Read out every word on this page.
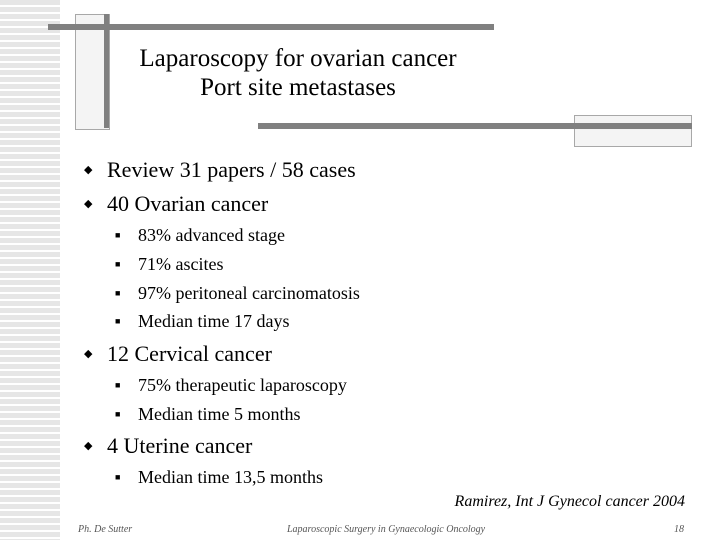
Laparoscopy for ovarian cancer
Port site metastases
◆ Review 31 papers / 58 cases
◆ 40 Ovarian cancer
■ 83% advanced stage
■ 71% ascites
■ 97% peritoneal carcinomatosis
■ Median time 17 days
◆ 12 Cervical cancer
■ 75% therapeutic laparoscopy
■ Median time 5 months
◆ 4 Uterine cancer
■ Median time 13,5 months
Ramirez, Int J Gynecol cancer 2004
Ph. De Sutter	Laparoscopic Surgery in Gynaecologic Oncology	18
